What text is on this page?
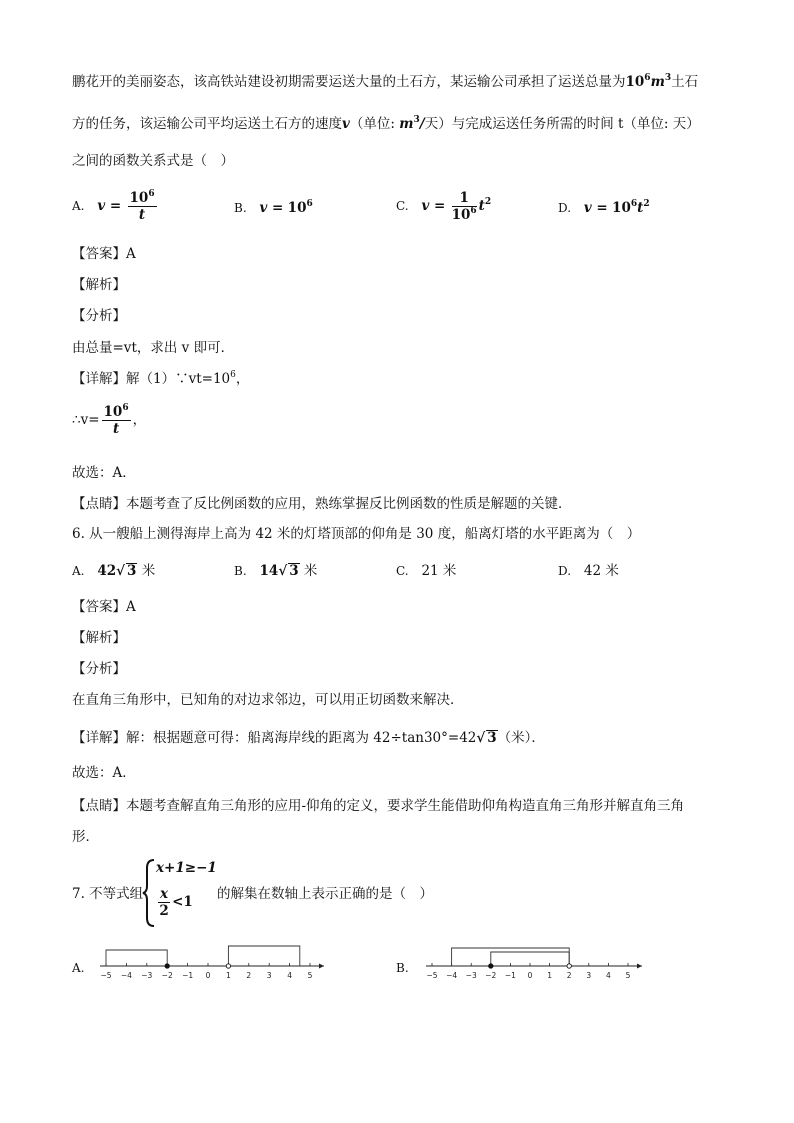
鹏花开的美丽姿态，该高铁站建设初期需要运送大量的土石方，某运输公司承担了运送总量为$10^6m^3$土石
方的任务，该运输公司平均运送土石方的速度v（单位: $m^3/$天）与完成运送任务所需的时间 t（单位: 天）
之间的函数关系式是（　）
A. $v = \frac{10^6}{t}$	B. $v = 10^6$	C. $v = \frac{1}{10^6} t^2$	D. $v = 10^6t^2$
【答案】A
【解析】
【分析】
由总量=vt，求出 v 即可．
【详解】解$(1)\because vt=10^6$，
∴v= $\frac{10^6}{t}$ ，
故选：A．
【点睛】本题考查了反比例函数的应用，熟练掌握反比例函数的性质是解题的关键．
6. 从一艘船上测得海岸上高为 42 米的灯塔顶部的仰角是 30 度，船离灯塔的水平距离为（　）
A. 42√ 3 米	B. 14√ 3 米	C. 21 米	D. 42 米
【答案】A
【解析】
【分析】
在直角三角形中，已知角的对边求邻边，可以用正切函数来解决．
【详解】解：根据题意可得：船离海岸线的距离为 42÷tan30°=42√ 3（米）．
故选：A．
【点睛】本题考查解直角三角形的应用-仰角的定义，要求学生能借助仰角构造直角三角形并解直角三角
形．
7. 不等式组
x+1≥−1
$\frac{x}{2} <1$ 的解集在数轴上表示正确的是（　）
A.
−5 −4 −3 −2 −1 0 1 2 3 4 5
B.
−5 −4 −3 −2 −1 0 1 2 3 4 5
